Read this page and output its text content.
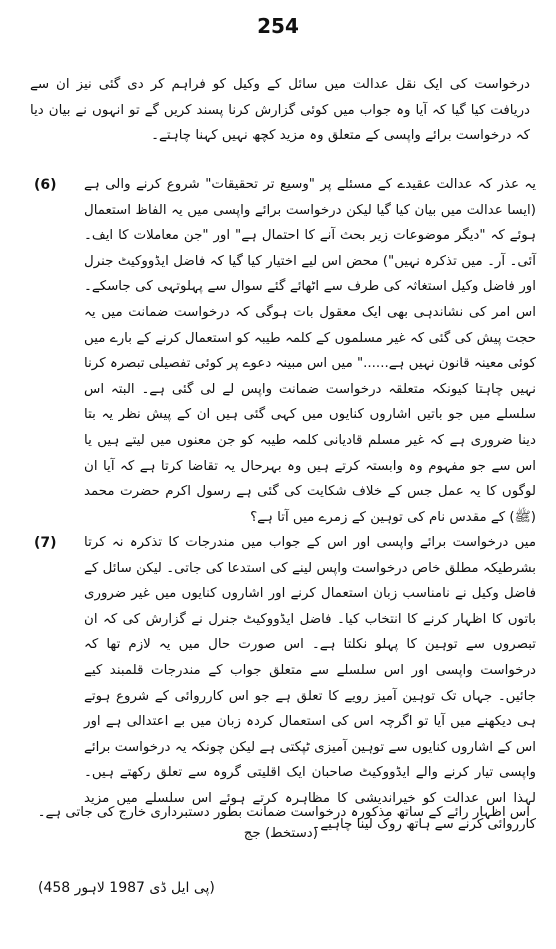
254
درخواست کی ایک نقل عدالت میں سائل کے وکیل کو فراہم کر دی گئی نیز ان سے دریافت کیا گیا کہ آیا وہ جواب میں کوئی گزارش کرنا پسند کریں گے تو انہوں نے بیان دیا کہ درخواست برائے واپسی کے متعلق وہ مزید کچھ نہیں کہنا چاہتے۔
(6) یہ عذر کہ عدالت عقیدے کے مسئلے پر "وسیع تر تحقیقات" شروع کرنے والی ہے (ایسا عدالت میں بیان کیا گیا لیکن درخواست برائے واپسی میں یہ الفاظ استعمال ہوئے کہ "دیگر موضوعات زیر بحث آنے کا احتمال ہے" اور "جن معاملات کا ایف۔ آئی۔ آر۔ میں تذکرہ نہیں") محض اس لیے اختیار کیا گیا کہ فاضل ایڈووکیٹ جنرل اور فاضل وکیل استغاثہ کی طرف سے اٹھائے گئے سوال سے پہلوتہی کی جاسکے۔ اس امر کی نشاندہی بھی ایک معقول بات ہوگی کہ درخواست ضمانت میں یہ حجت پیش کی گئی کہ غیر مسلموں کے کلمہ طیبہ کو استعمال کرنے کے بارے میں کوئی معینہ قانون نہیں ہے......" میں اس مبینہ دعوے پر کوئی تفصیلی تبصرہ کرنا نہیں چاہتا کیونکہ متعلقہ درخواست ضمانت واپس لے لی گئی ہے۔ البتہ اس سلسلے میں جو باتیں اشاروں کنایوں میں کہی گئی ہیں ان کے پیش نظر یہ بتا دینا ضروری ہے کہ غیر مسلم قادیانی کلمہ طیبہ کو جن معنوں میں لیتے ہیں یا اس سے جو مفہوم وہ وابستہ کرتے ہیں وہ بہرحال یہ تقاضا کرتا ہے کہ آیا ان لوگوں کا یہ عمل جس کے خلاف شکایت کی گئی ہے رسول اکرم حضرت محمد (ﷺ) کے مقدس نام کی توہین کے زمرے میں آتا ہے؟
(7) میں درخواست برائے واپسی اور اس کے جواب میں مندرجات کا تذکرہ نہ کرتا بشرطیکہ مطلق خاص درخواست واپس لینے کی استدعا کی جاتی۔ لیکن سائل کے فاضل وکیل نے نامناسب زبان استعمال کرنے اور اشاروں کنایوں میں غیر ضروری باتوں کا اظہار کرنے کا انتخاب کیا۔ فاضل ایڈووکیٹ جنرل نے گزارش کی کہ ان تبصروں سے توہین کا پہلو نکلتا ہے۔ اس صورت حال میں یہ لازم تھا کہ درخواست واپسی اور اس سلسلے سے متعلق جواب کے مندرجات قلمبند کیے جائیں۔ جہاں تک توہین آمیز رویے کا تعلق ہے جو اس کارروائی کے شروع ہوتے ہی دیکھنے میں آیا تو اگرچہ اس کی استعمال کردہ زبان میں بے اعتدالی ہے اور اس کے اشاروں کنایوں سے توہین آمیزی ٹپکتی ہے لیکن چونکہ یہ درخواست برائے واپسی تیار کرنے والے ایڈووکیٹ صاحبان ایک اقلیتی گروہ سے تعلق رکھتے ہیں۔ لہذا اس عدالت کو خیراندیشی کا مظاہرہ کرتے ہوئے اس سلسلے میں مزید کارروائی کرنے سے ہاتھ روک لینا چاہیے۔
اس اظہار رائے کے ساتھ مذکورہ درخواست ضمانت بطور دستبرداری خارج کی جاتی ہے۔
(دستخط) جج
(پی ایل ڈی 1987 لاہور 458)
